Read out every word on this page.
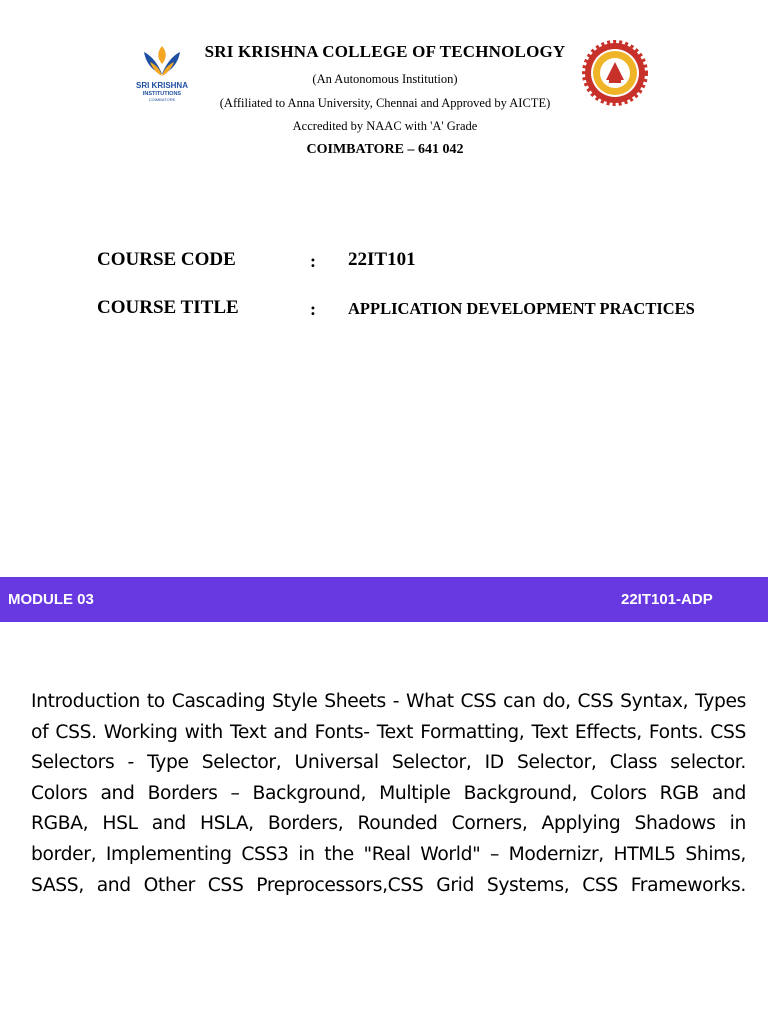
SRI KRISHNA
INSTITUTIONS
COIMBATORE
SRI KRISHNA COLLEGE OF TECHNOLOGY
(An Autonomous Institution)
(Affiliated to Anna University, Chennai and Approved by AICTE)
Accredited by NAAC with 'A' Grade
COIMBATORE – 641 042
COURSE CODE	: 22IT101
COURSE TITLE	: APPLICATION DEVELOPMENT PRACTICES
MODULE 03	22IT101-ADP
Introduction to Cascading Style Sheets - What CSS can do, CSS Syntax, Types of CSS. Working with Text and Fonts- Text Formatting, Text Effects, Fonts. CSS Selectors - Type Selector, Universal Selector, ID Selector, Class selector. Colors and Borders – Background, Multiple Background, Colors RGB and RGBA, HSL and HSLA, Borders, Rounded Corners, Applying Shadows in border, Implementing CSS3 in the "Real World" – Modernizr, HTML5 Shims, SASS, and Other CSS Preprocessors,CSS Grid Systems, CSS Frameworks.
